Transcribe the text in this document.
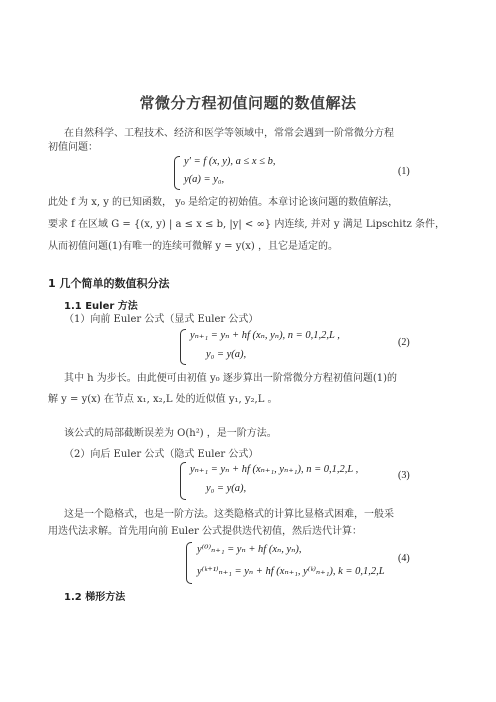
常微分方程初值问题的数值解法
在自然科学、工程技术、经济和医学等领域中，常常会遇到一阶常微分方程
初值问题：
y′ = f (x, y), a ≤ x ≤ b,
y(a) = y₀,
(1)
此处 f 为 x, y 的已知函数， y₀ 是给定的初始值。本章讨论该问题的数值解法，
要求 f 在区域 G = {(x, y) | a ≤ x ≤ b, |y| < ∞} 内连续, 并对 y 满足 Lipschitz 条件，
从而初值问题(1)有唯一的连续可微解 y = y(x) ，且它是适定的。
1 几个简单的数值积分法
1.1 Euler 方法
（1）向前 Euler 公式（显式 Euler 公式）
yₙ₊₁ = yₙ + hf (xₙ, yₙ), n = 0,1,2,L ,
y₀ = y(a),
(2)
其中 h 为步长。由此便可由初值 y₀ 逐步算出一阶常微分方程初值问题(1)的
解 y = y(x) 在节点 x₁, x₂,L 处的近似值 y₁, y₂,L 。
该公式的局部截断误差为 O(h²) ，是一阶方法。
（2）向后 Euler 公式（隐式 Euler 公式）
yₙ₊₁ = yₙ + hf (xₙ₊₁, yₙ₊₁), n = 0,1,2,L ,
y₀ = y(a),
(3)
这是一个隐格式，也是一阶方法。这类隐格式的计算比显格式困难，一般采
用迭代法求解。首先用向前 Euler 公式提供迭代初值，然后迭代计算：
y⁽⁰⁾ₙ₊₁ = yₙ + hf (xₙ, yₙ),
y⁽ᵏ⁺¹⁾ₙ₊₁ = yₙ + hf (xₙ₊₁, y⁽ᵏ⁾ₙ₊₁), k = 0,1,2,L
(4)
1.2 梯形方法
